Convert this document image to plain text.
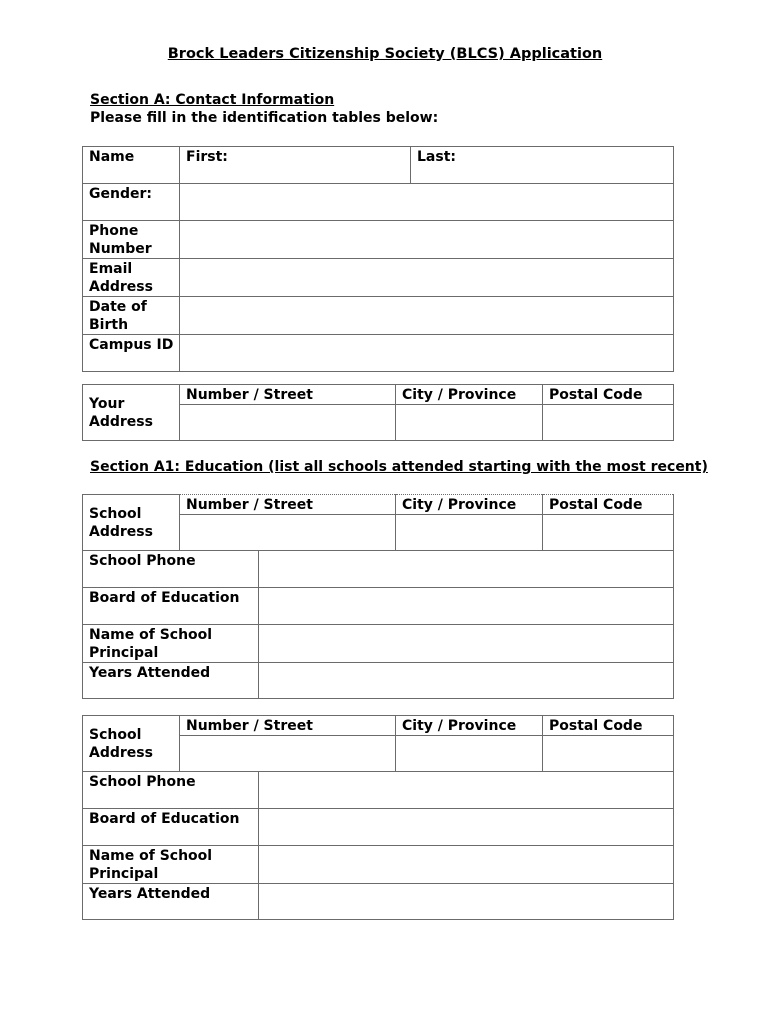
Brock Leaders Citizenship Society (BLCS) Application
Section A: Contact Information
Please fill in the identification tables below:
Name	First:	Last:

Gender:		

Phone
Number		

Email
Address		

Date of
Birth		

Campus ID		

Your
Address	Number / Street	City / Province	Postal Code

Section A1: Education (list all schools attended starting with the most recent)
School
Address	Number / Street		City / Province	Postal Code

School Phone				

Board of Education				

Name of School
Principal				

Years Attended				

School
Address	Number / Street		City / Province	Postal Code

School Phone				

Board of Education				

Name of School
Principal				

Years Attended				
